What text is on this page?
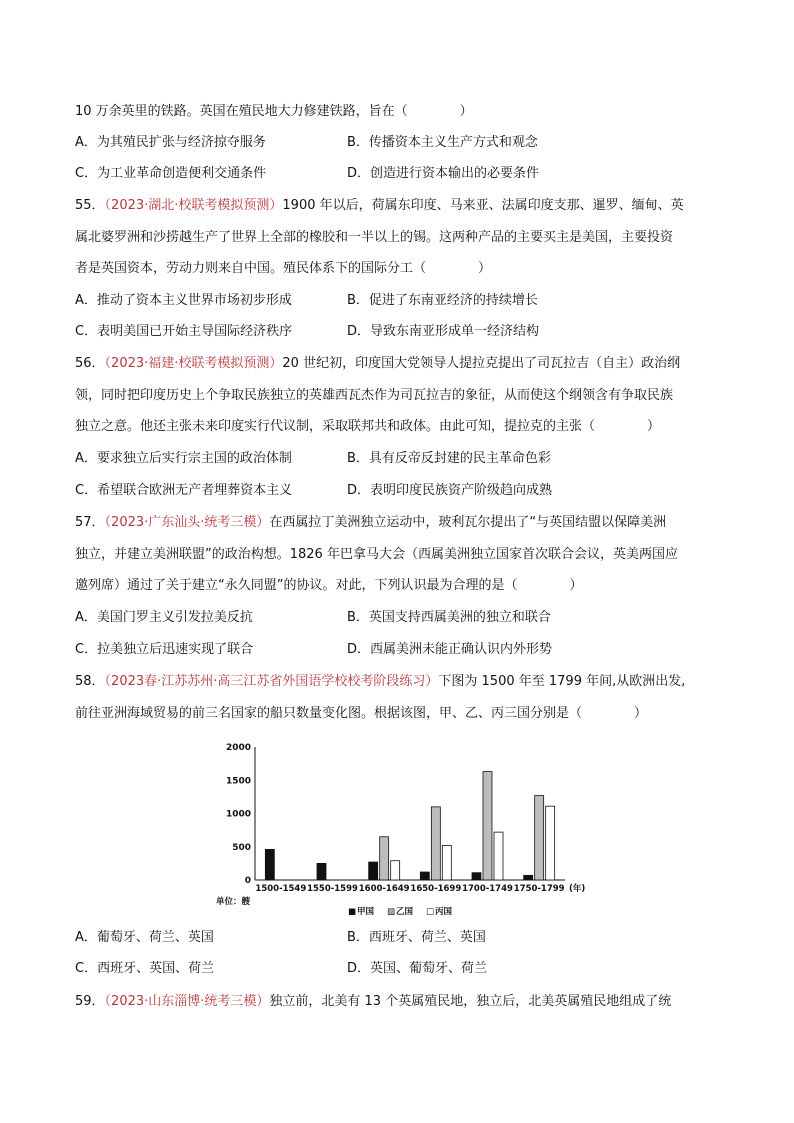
10 万余英里的铁路。英国在殖民地大力修建铁路，旨在（　　　　）
A．为其殖民扩张与经济掠夺服务	B．传播资本主义生产方式和观念
C．为工业革命创造便利交通条件	D．创造进行资本输出的必要条件
55．（2023·湖北·校联考模拟预测）1900 年以后，荷属东印度、马来亚、法属印度支那、暹罗、缅甸、英
属北婆罗洲和沙捞越生产了世界上全部的橡胶和一半以上的锡。这两种产品的主要买主是美国，主要投资
者是英国资本，劳动力则来自中国。殖民体系下的国际分工（　　　　）
A．推动了资本主义世界市场初步形成	B．促进了东南亚经济的持续增长
C．表明美国已开始主导国际经济秩序	D．导致东南亚形成单一经济结构
56．（2023·福建·校联考模拟预测）20 世纪初，印度国大党领导人提拉克提出了司瓦拉吉（自主）政治纲
领，同时把印度历史上个争取民族独立的英雄西瓦杰作为司瓦拉吉的象征，从而使这个纲领含有争取民族
独立之意。他还主张未来印度实行代议制，采取联邦共和政体。由此可知，提拉克的主张（　　　　）
A．要求独立后实行宗主国的政治体制	B．具有反帝反封建的民主革命色彩
C．希望联合欧洲无产者埋葬资本主义	D．表明印度民族资产阶级趋向成熟
57．（2023·广东汕头·统考三模）在西属拉丁美洲独立运动中，玻利瓦尔提出了“与英国结盟以保障美洲
独立，并建立美洲联盟”的政治构想。1826 年巴拿马大会（西属美洲独立国家首次联合会议，英美两国应
邀列席）通过了关于建立“永久同盟”的协议。对此，下列认识最为合理的是（　　　　）
A．美国门罗主义引发拉美反抗	B．英国支持西属美洲的独立和联合
C．拉美独立后迅速实现了联合	D．西属美洲未能正确认识内外形势
58．（2023春·江苏苏州·高三江苏省外国语学校校考阶段练习）下图为 1500 年至 1799 年间,从欧洲出发,
前往亚洲海域贸易的前三名国家的船只数量变化图。根据该图，甲、乙、丙三国分别是（　　　　）
0
500
1000
1500
2000
1500-1549 1550-1599 1600-1649 1650-1699 1700-1749 1750-1799 (年)
单位：艘
■ 甲国 ▨ 乙国 □ 丙国
A．葡萄牙、荷兰、英国	B．西班牙、荷兰、英国
C．西班牙、英国、荷兰	D．英国、葡萄牙、荷兰
59．（2023·山东淄博·统考三模）独立前，北美有 13 个英属殖民地，独立后，北美英属殖民地组成了统
